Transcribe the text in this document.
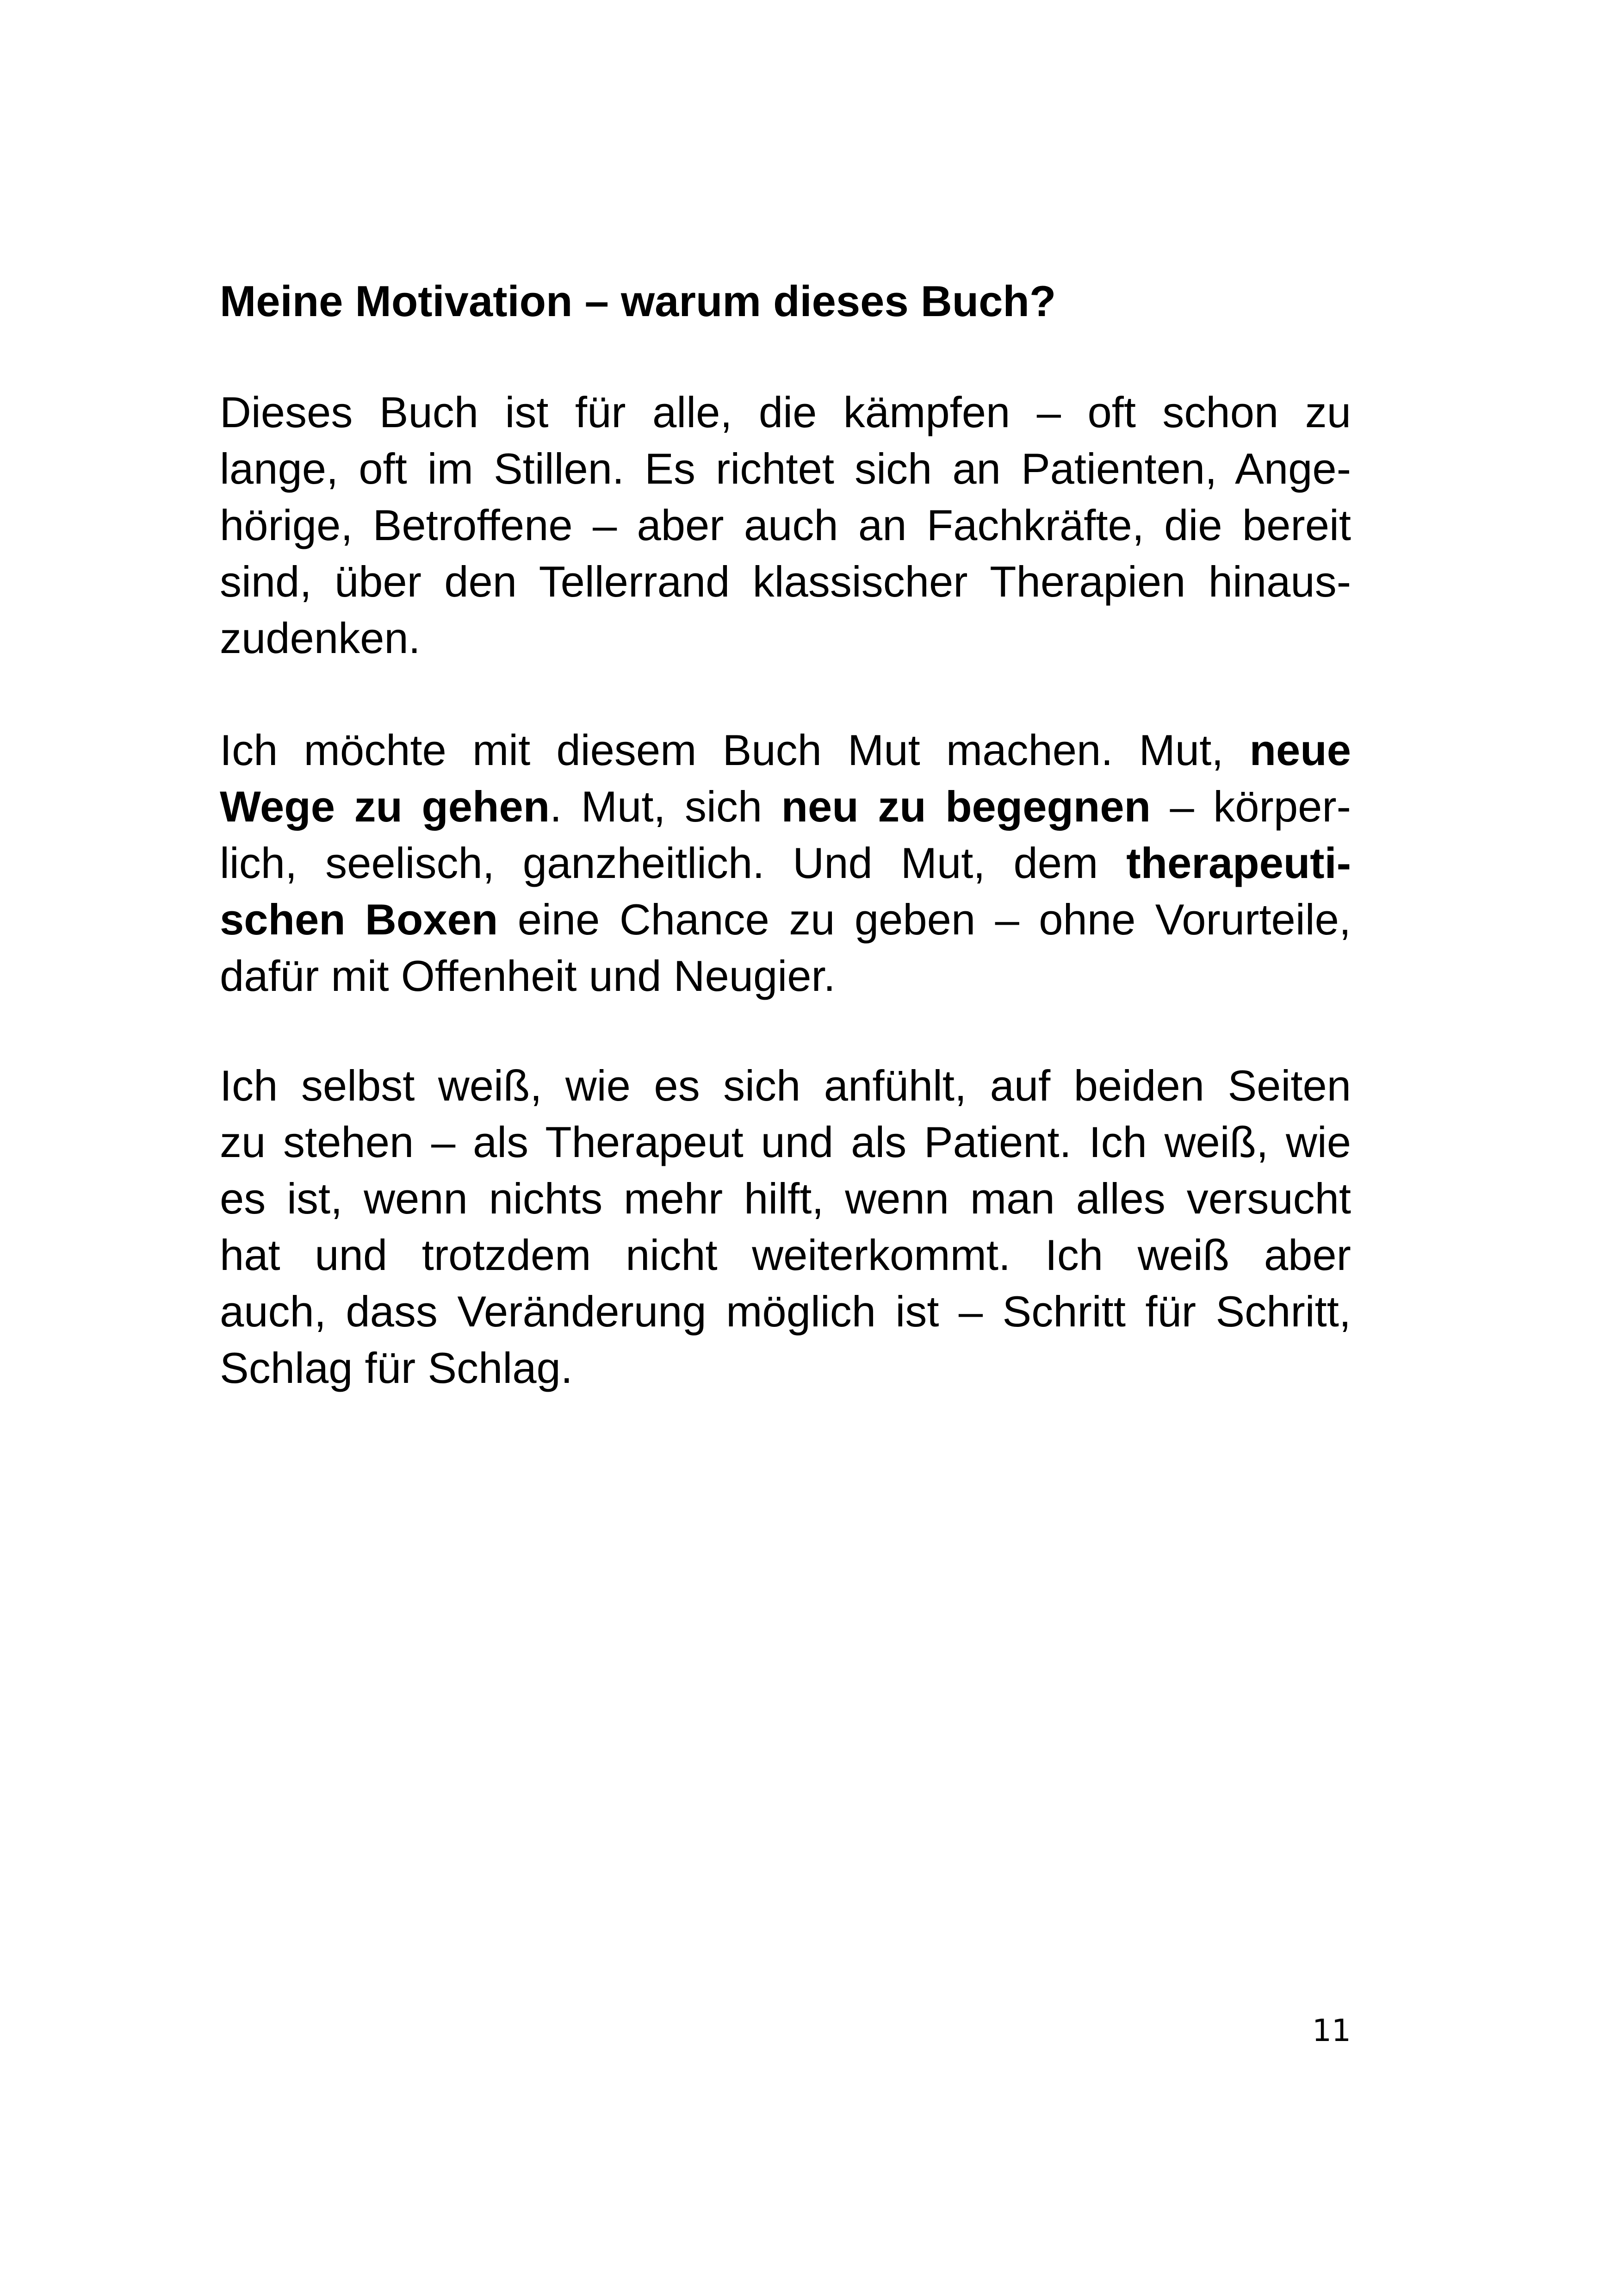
Meine Motivation – warum dieses Buch?

Dieses Buch ist für alle, die kämpfen – oft schon zu
lange, oft im Stillen. Es richtet sich an Patienten, Ange-
hörige, Betroffene – aber auch an Fachkräfte, die bereit
sind, über den Tellerrand klassischer Therapien hinaus-
zudenken.

Ich möchte mit diesem Buch Mut machen. Mut, neue
Wege zu gehen. Mut, sich neu zu begegnen – körper-
lich, seelisch, ganzheitlich. Und Mut, dem therapeuti-
schen Boxen eine Chance zu geben – ohne Vorurteile,
dafür mit Offenheit und Neugier.

Ich selbst weiß, wie es sich anfühlt, auf beiden Seiten
zu stehen – als Therapeut und als Patient. Ich weiß, wie
es ist, wenn nichts mehr hilft, wenn man alles versucht
hat und trotzdem nicht weiterkommt. Ich weiß aber
auch, dass Veränderung möglich ist – Schritt für Schritt,
Schlag für Schlag.

11
